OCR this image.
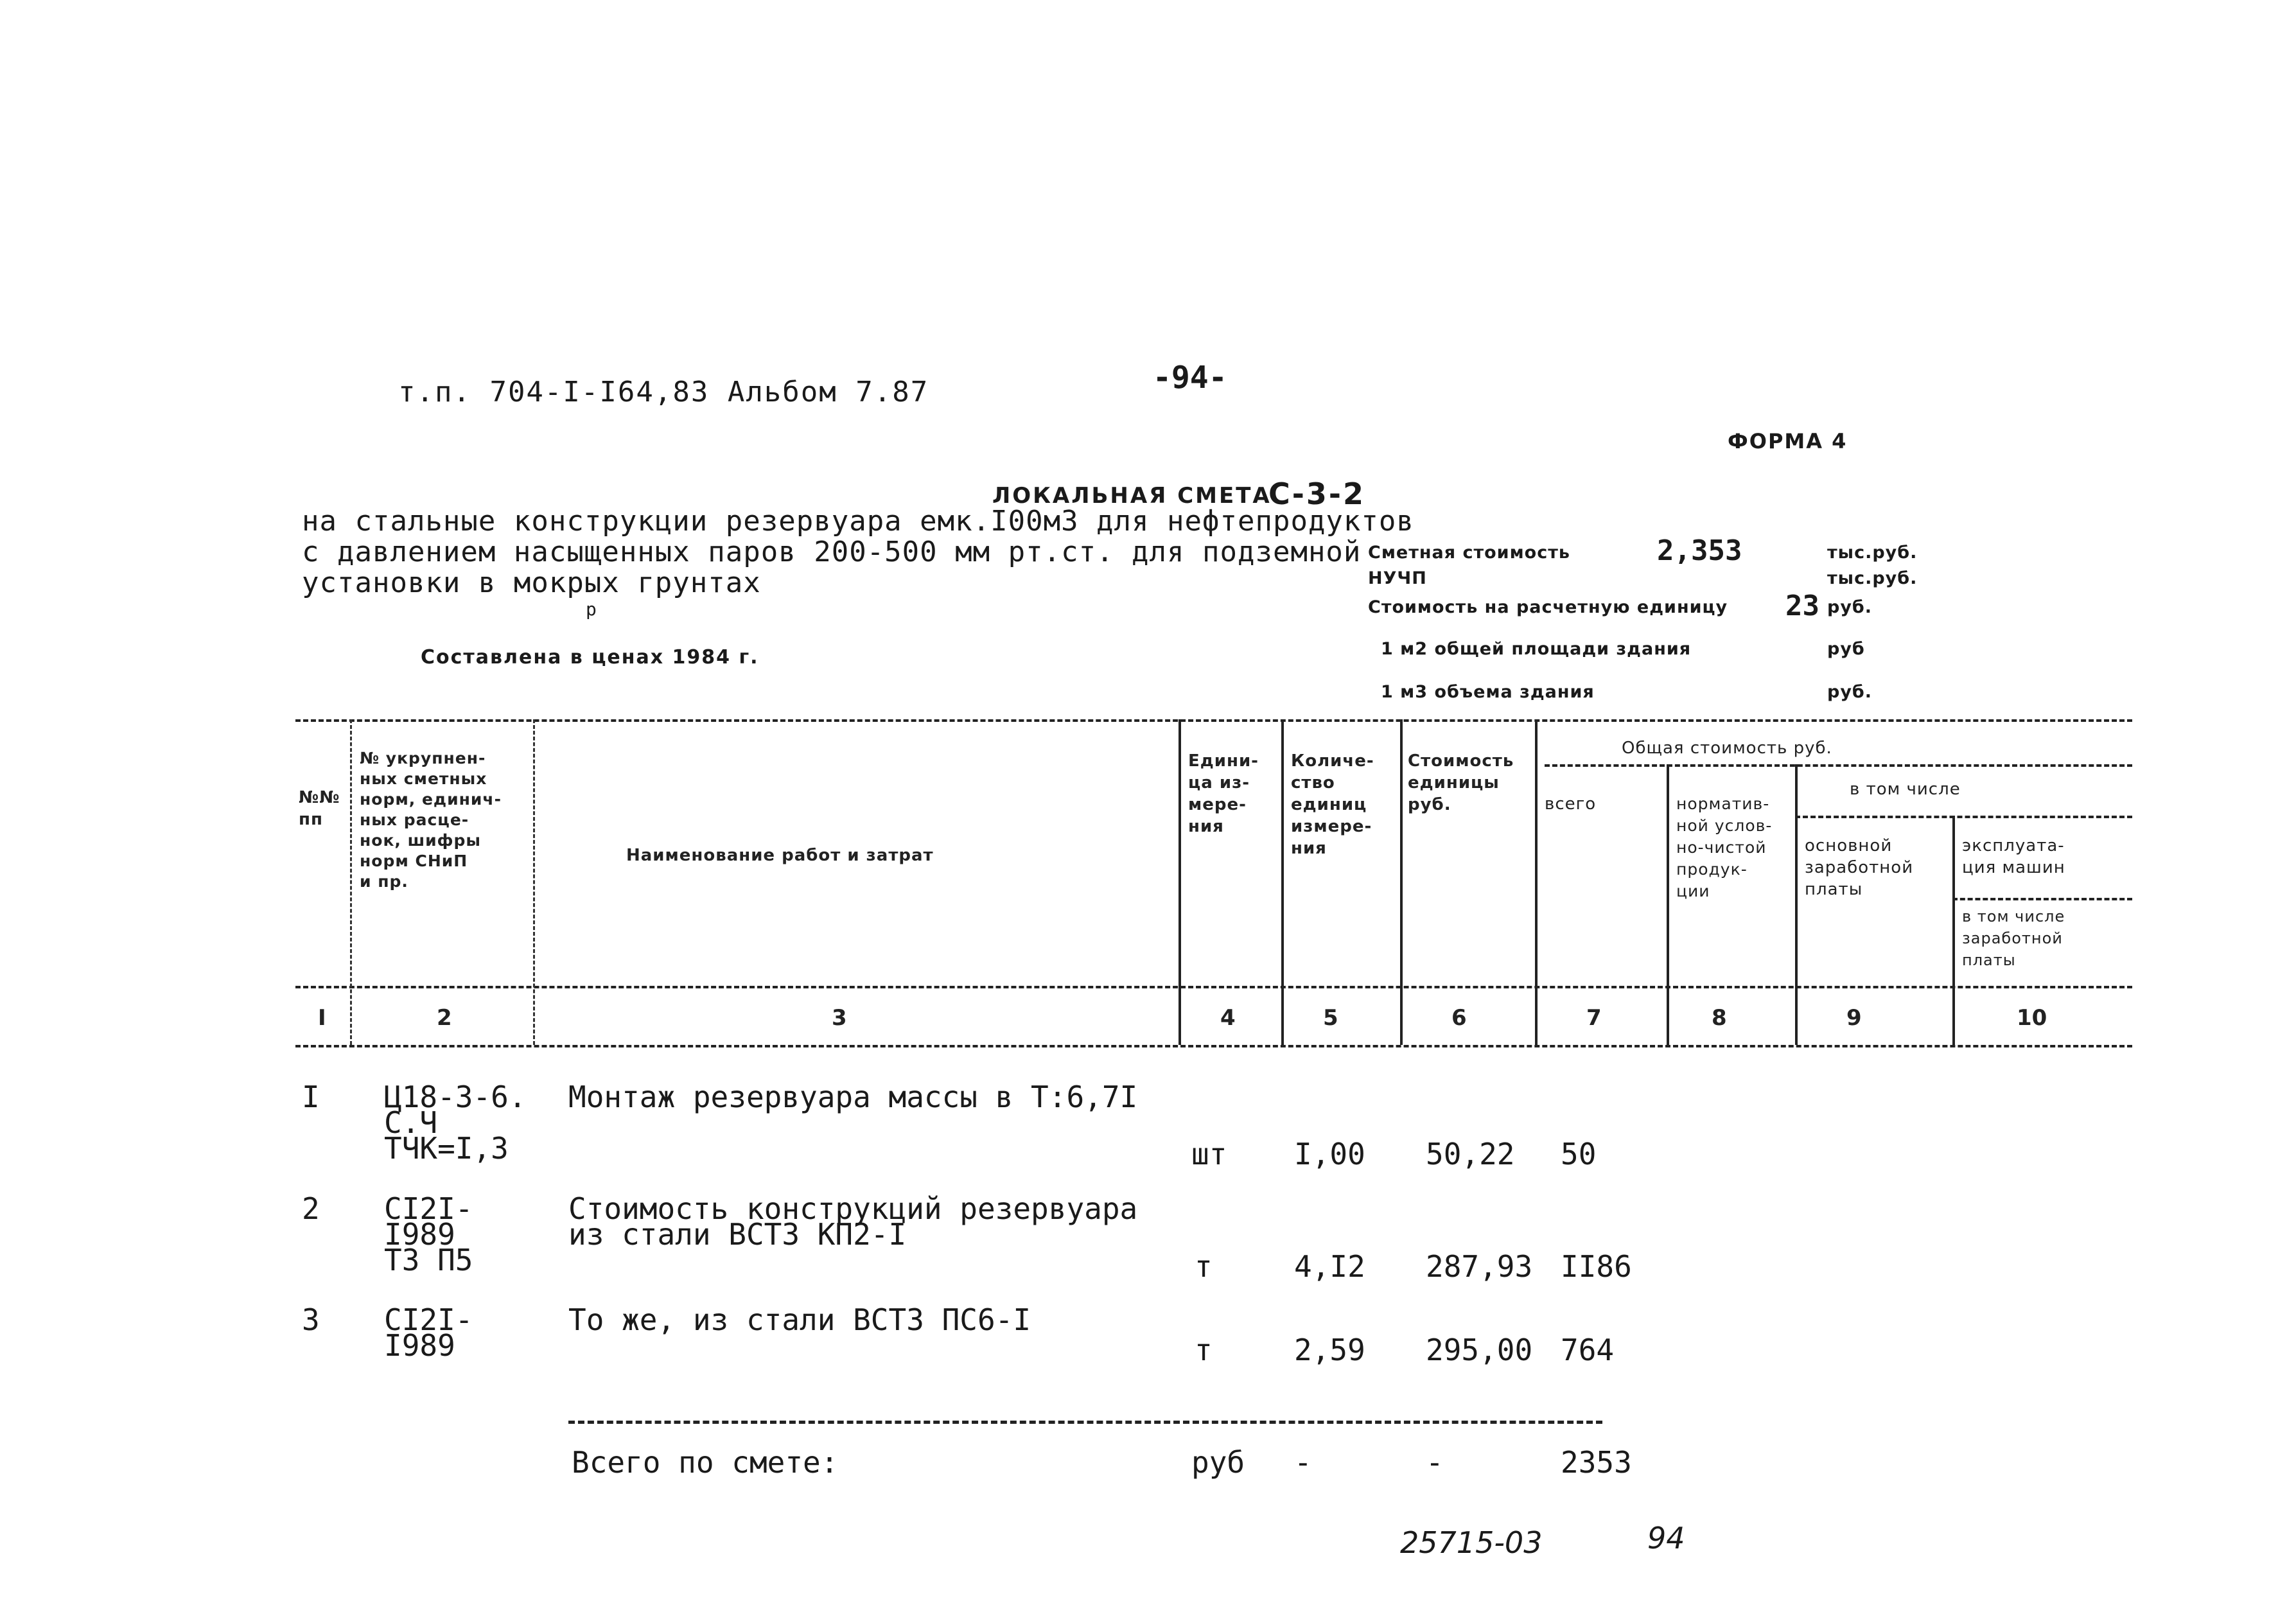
т.п. 704-I-I64,83 Альбом 7.87	-94-
ФОРМА 4
ЛОКАЛЬНАЯ СМЕТА
С-3-2
на стальные конструкции резервуара емк.I00м3 для нефтепродуктов
с давлением насыщенных паров 200-500 мм рт.ст. для подземной
установки в мокрых грунтах
р
Составлена в ценах 1984 г.
Сметная стоимость	2,353	тыс.руб.
НУЧП	тыс.руб.
Стоимость на расчетную единицу 23 руб.
1 м2 общей площади здания	руб
1 м3 объема здания	руб.
№№
пп
№ укрупнен-
ных сметных
норм, единич-
ных расце-
нок, шифры
норм СНиП
и пр.
Наименование работ и затрат
Едини-
ца из-
мере-
ния
Количе-
ство
единиц
измере-
ния
Стоимость
единицы
руб.
Общая стоимость руб.
всего	норматив-
ной услов-
но-чистой
продук-
ции
в том числе
основной
заработной
платы
эксплуата-
ция машин
в том числе
заработной
платы
I	2	3	4	5	6	7	8	9	10
I Ц18-3-6.
С.Ч
ТЧК=I,3
Монтаж резервуара массы в Т:6,7I
шт I,00 50,22 50
2 CI2I-
I989
Т3 П5
Стоимость конструкций резервуара
из стали ВСТ3 КП2-I
т	4,I2 287,93 II86
3 CI2I-
I989
То же, из стали ВСТ3 ПС6-I
т	2,59 295,00 764
Всего по смете:	руб -	-	2353
25715-03	94
